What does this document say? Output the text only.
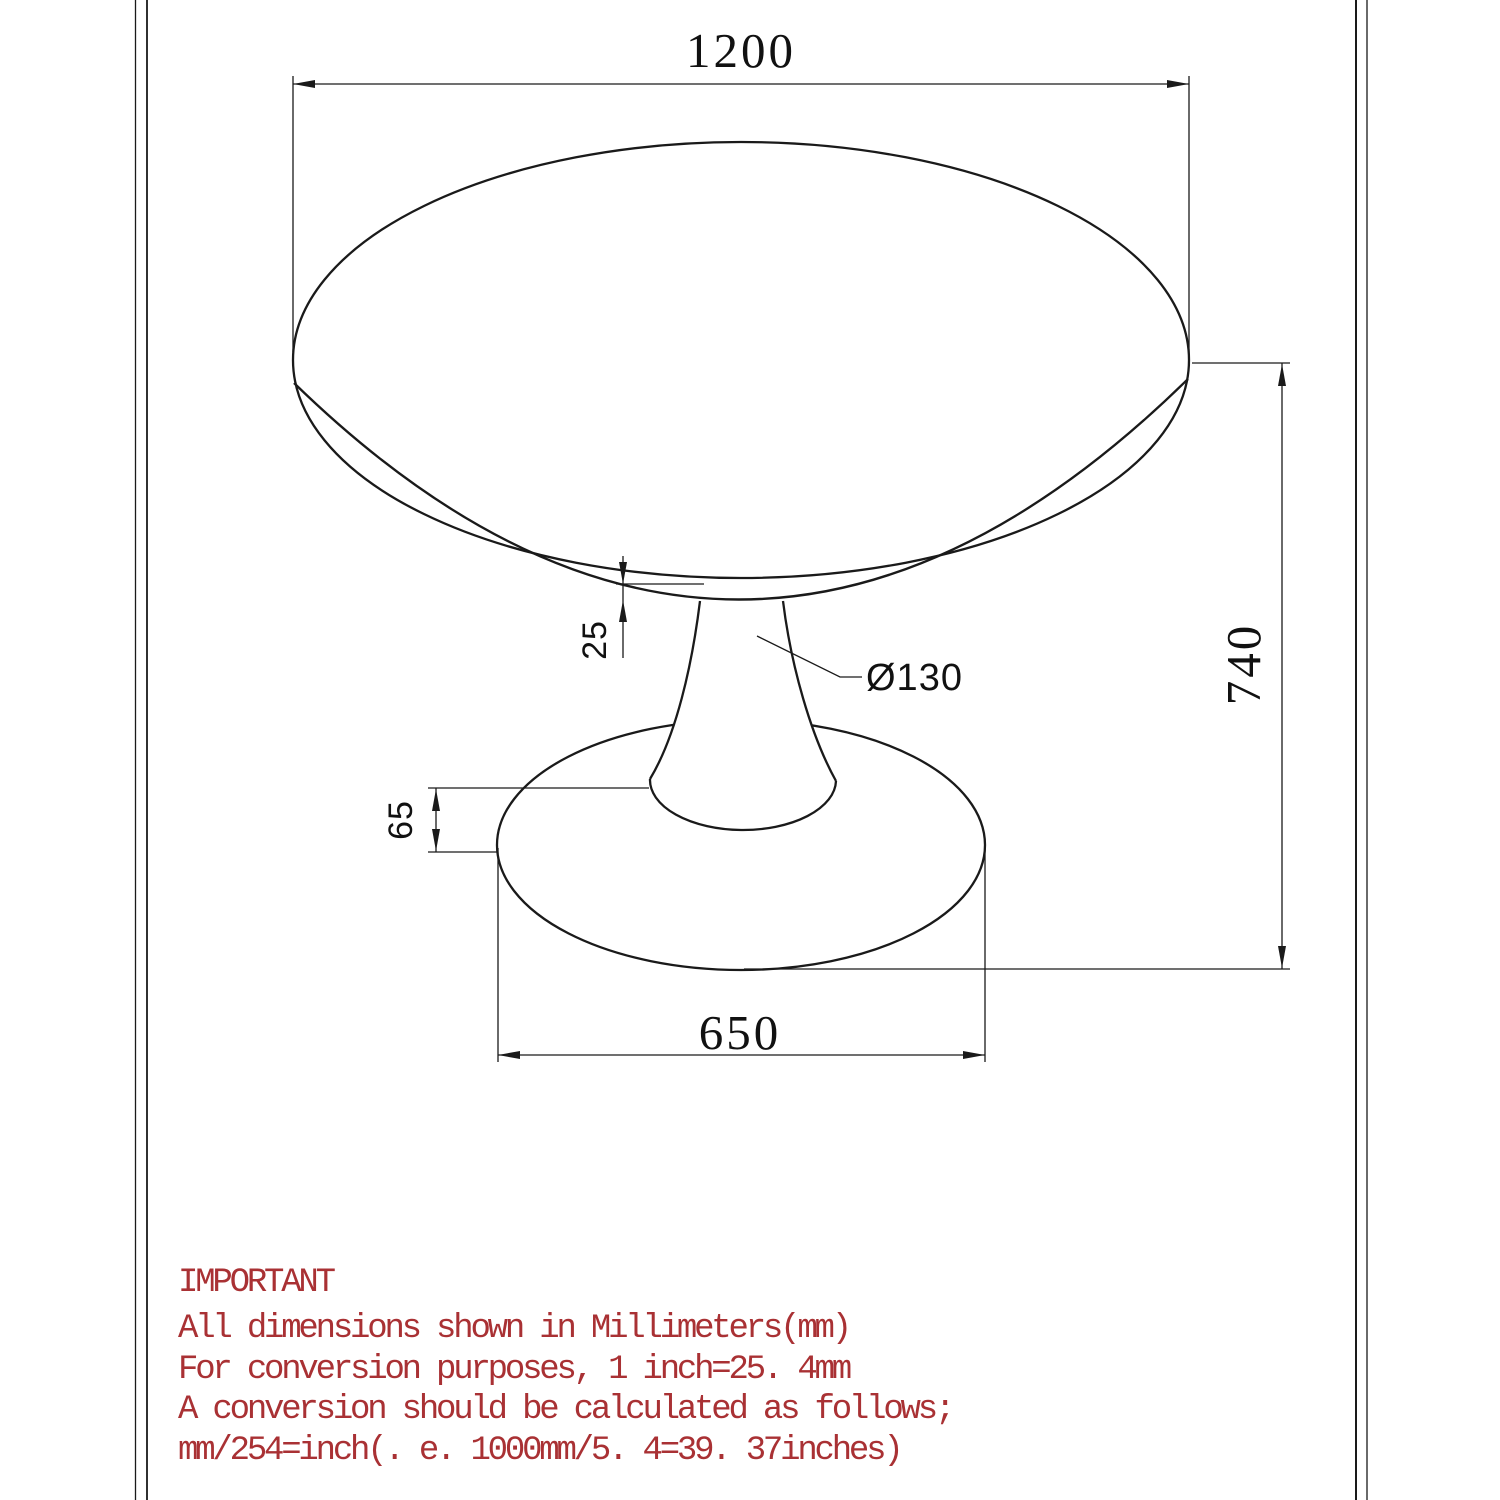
1200
740
25
Ø130
65
650
IMPORTANT
All dimensions shown in Millimeters(mm)
For conversion purposes, 1 inch=25. 4mm
A conversion should be calculated as follows;
mm/254=inch(. e. 1000mm/5. 4=39. 37inches)
